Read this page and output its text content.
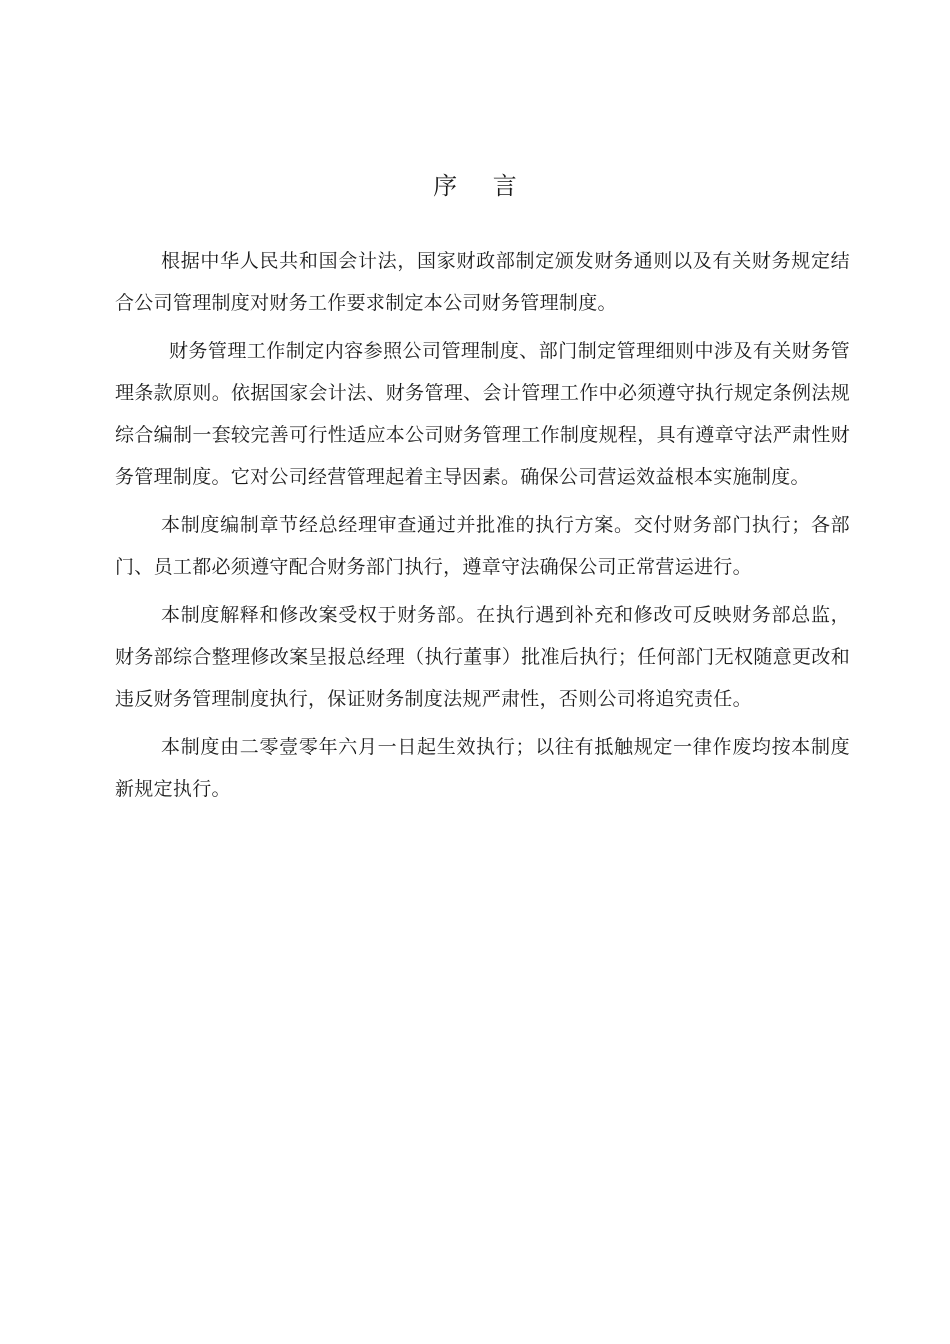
序 言

根据中华人民共和国会计法，国家财政部制定颁发财务通则以及有关财务规定结合公司管理制度对财务工作要求制定本公司财务管理制度。

财务管理工作制定内容参照公司管理制度、部门制定管理细则中涉及有关财务管理条款原则。依据国家会计法、财务管理、会计管理工作中必须遵守执行规定条例法规综合编制一套较完善可行性适应本公司财务管理工作制度规程，具有遵章守法严肃性财务管理制度。它对公司经营管理起着主导因素。确保公司营运效益根本实施制度。

本制度编制章节经总经理审查通过并批准的执行方案。交付财务部门执行；各部门、员工都必须遵守配合财务部门执行，遵章守法确保公司正常营运进行。

本制度解释和修改案受权于财务部。在执行遇到补充和修改可反映财务部总监，财务部综合整理修改案呈报总经理（执行董事）批准后执行；任何部门无权随意更改和违反财务管理制度执行，保证财务制度法规严肃性，否则公司将追究责任。

本制度由二零壹零年六月一日起生效执行；以往有抵触规定一律作废均按本制度新规定执行。
